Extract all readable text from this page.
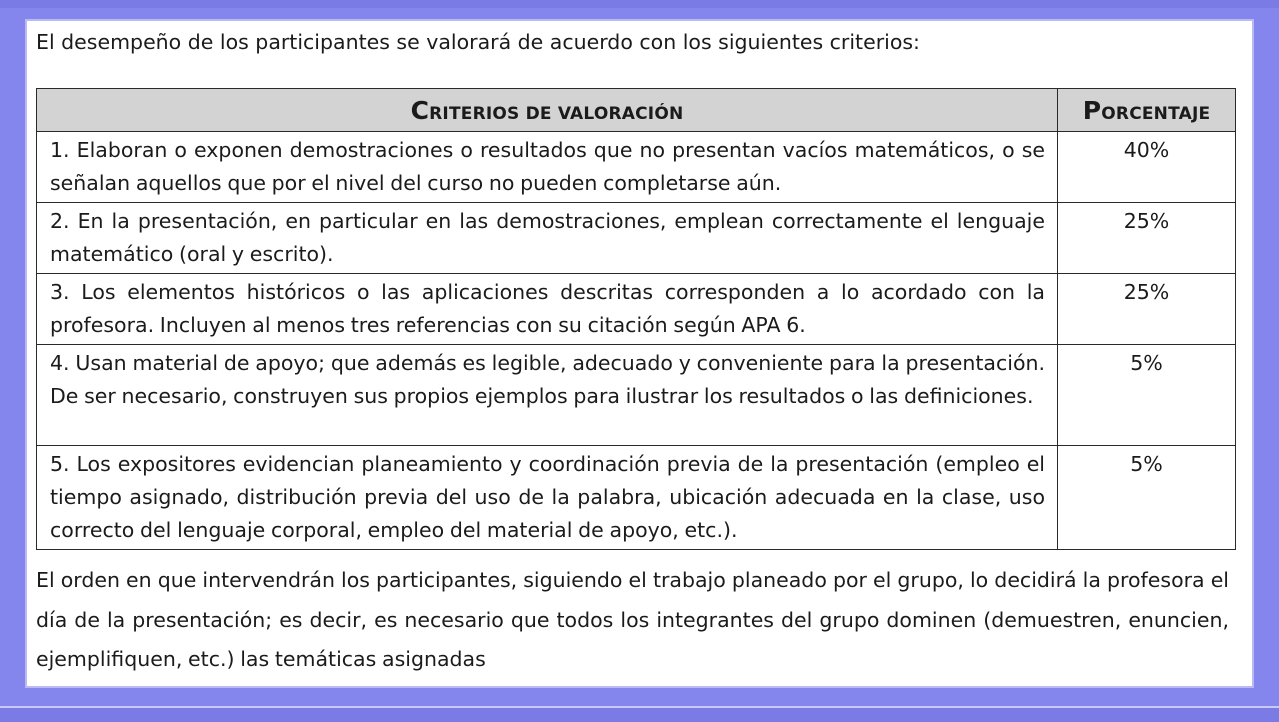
El desempeño de los participantes se valorará de acuerdo con los siguientes criterios:
CRITERIOS DE VALORACIÓN	PORCENTAJE
1. Elaboran o exponen demostraciones o resultados que no presentan vacíos matemáticos, o se señalan aquellos que por el nivel del curso no pueden completarse aún.	40%
2. En la presentación, en particular en las demostraciones, emplean correctamente el lenguaje matemático (oral y escrito).	25%
3. Los elementos históricos o las aplicaciones descritas corresponden a lo acordado con la profesora. Incluyen al menos tres referencias con su citación según APA 6.	25%
4. Usan material de apoyo; que además es legible, adecuado y conveniente para la presentación. De ser necesario, construyen sus propios ejemplos para ilustrar los resultados o las definiciones.	5%
5. Los expositores evidencian planeamiento y coordinación previa de la presentación (empleo el tiempo asignado, distribución previa del uso de la palabra, ubicación adecuada en la clase, uso correcto del lenguaje corporal, empleo del material de apoyo, etc.).	5%
El orden en que intervendrán los participantes, siguiendo el trabajo planeado por el grupo, lo decidirá la profesora el día de la presentación; es decir, es necesario que todos los integrantes del grupo dominen (demuestren, enuncien, ejemplifiquen, etc.) las temáticas asignadas
